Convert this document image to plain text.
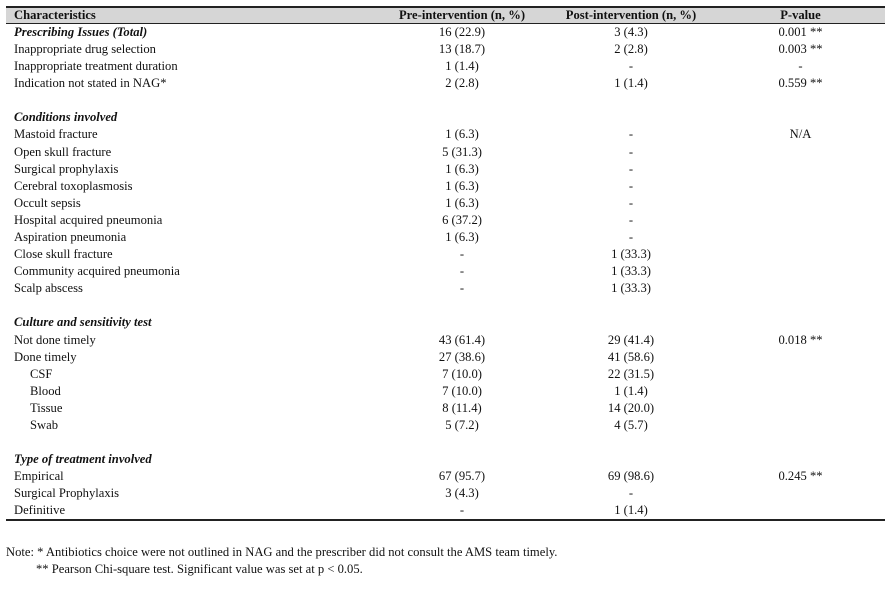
Characteristics	Pre-intervention (n, %)	Post-intervention (n, %)	P-value
Prescribing Issues (Total)	16 (22.9)	3 (4.3)	0.001 **
Inappropriate drug selection	13 (18.7)	2 (2.8)	0.003 **
Inappropriate treatment duration	1 (1.4)	-	-
Indication not stated in NAG*	2 (2.8)	1 (1.4)	0.559 **

Conditions involved			
Mastoid fracture	1 (6.3)	-	N/A
Open skull fracture	5 (31.3)	-	
Surgical prophylaxis	1 (6.3)	-	
Cerebral toxoplasmosis	1 (6.3)	-	
Occult sepsis	1 (6.3)	-	
Hospital acquired pneumonia	6 (37.2)	-	
Aspiration pneumonia	1 (6.3)	-	
Close skull fracture	-	1 (33.3)	
Community acquired pneumonia	-	1 (33.3)	
Scalp abscess	-	1 (33.3)	

Culture and sensitivity test			
Not done timely	43 (61.4)	29 (41.4)	0.018 **
Done timely	27 (38.6)	41 (58.6)	
CSF	7 (10.0)	22 (31.5)	
Blood	7 (10.0)	1 (1.4)	
Tissue	8 (11.4)	14 (20.0)	
Swab	5 (7.2)	4 (5.7)	

Type of treatment involved			
Empirical	67 (95.7)	69 (98.6)	0.245 **
Surgical Prophylaxis	3 (4.3)	-	
Definitive	-	1 (1.4)	
Note: * Antibiotics choice were not outlined in NAG and the prescriber did not consult the AMS team timely.
** Pearson Chi-square test. Significant value was set at p < 0.05.
